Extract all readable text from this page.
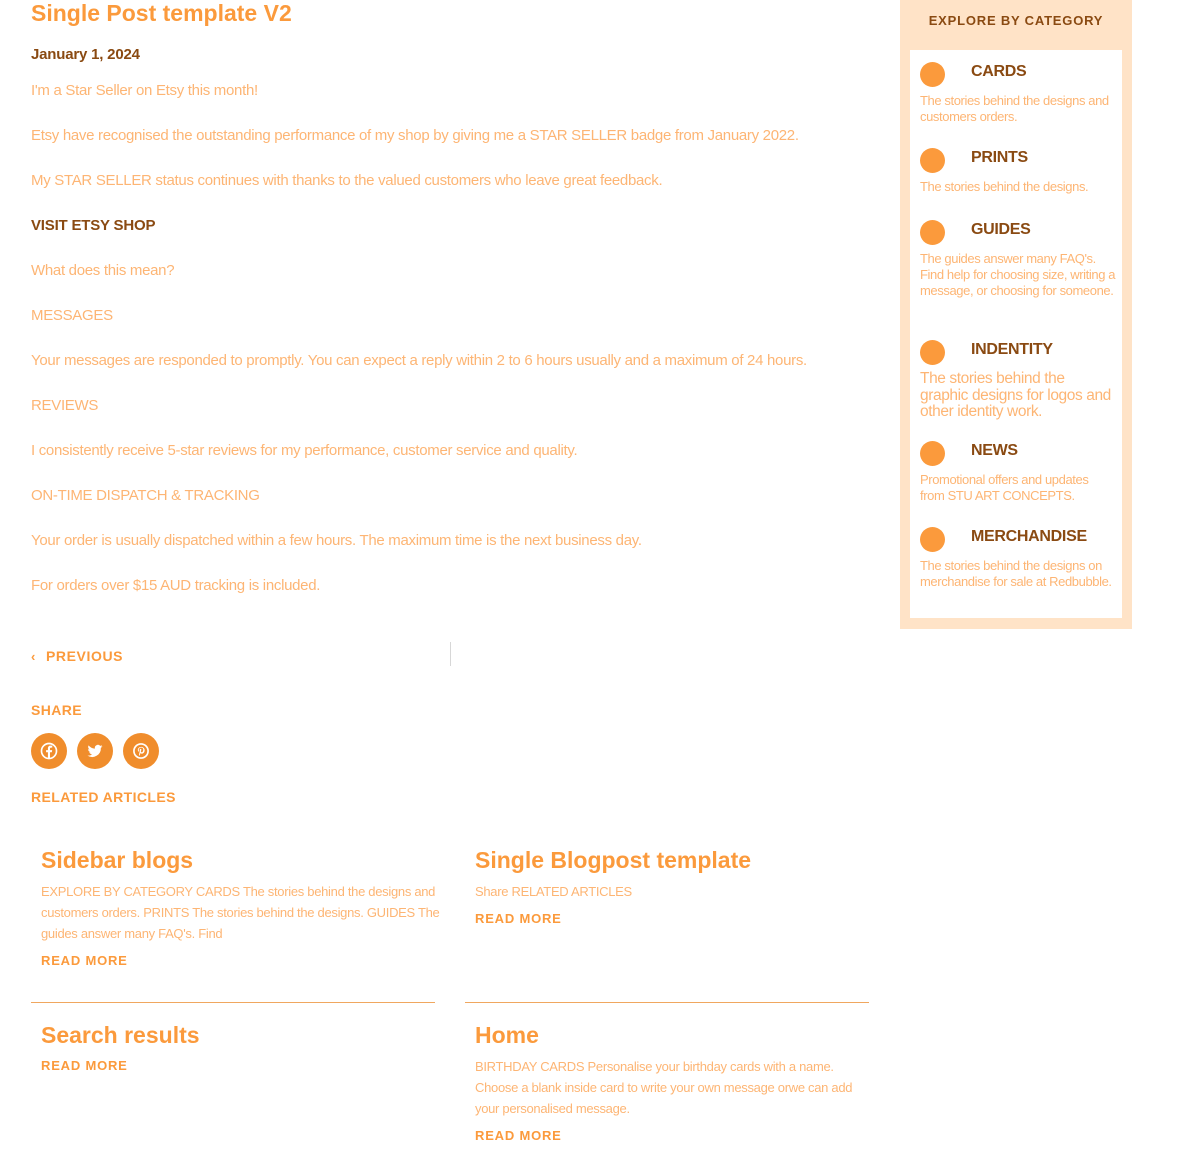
Single Post template V2
January 1, 2024

I'm a Star Seller on Etsy this month!

Etsy have recognised the outstanding performance of my shop by giving me a STAR SELLER badge from January 2022.

My STAR SELLER status continues with thanks to the valued customers who leave great feedback.

VISIT ETSY SHOP

What does this mean?

MESSAGES

Your messages are responded to promptly. You can expect a reply within 2 to 6 hours usually and a maximum of 24 hours.

REVIEWS

I consistently receive 5-star reviews for my performance, customer service and quality.

ON-TIME DISPATCH & TRACKING

Your order is usually dispatched within a few hours. The maximum time is the next business day.

For orders over $15 AUD tracking is included.

‹ PREVIOUS
SHARE
RELATED ARTICLES
Sidebar blogs

EXPLORE BY CATEGORY CARDS The stories behind the designs and customers orders. PRINTS The stories behind the designs. GUIDES The guides answer many FAQ's. Find

READ MORE
Single Blogpost template

Share RELATED ARTICLES

READ MORE
Search results
READ MORE
Home

BIRTHDAY CARDS Personalise your birthday cards with a name. Choose a blank inside card to write your own message orwe can add your personalised message.

READ MORE
EXPLORE BY CATEGORY
CARDS
The stories behind the designs and customers orders.
PRINTS
The stories behind the designs.
GUIDES
The guides answer many FAQ's. Find help for choosing size, writing a message, or choosing for someone.
INDENTITY
The stories behind the graphic designs for logos and other identity work.
NEWS
Promotional offers and updates from STU ART CONCEPTS.
MERCHANDISE
The stories behind the designs on merchandise for sale at Redbubble.
